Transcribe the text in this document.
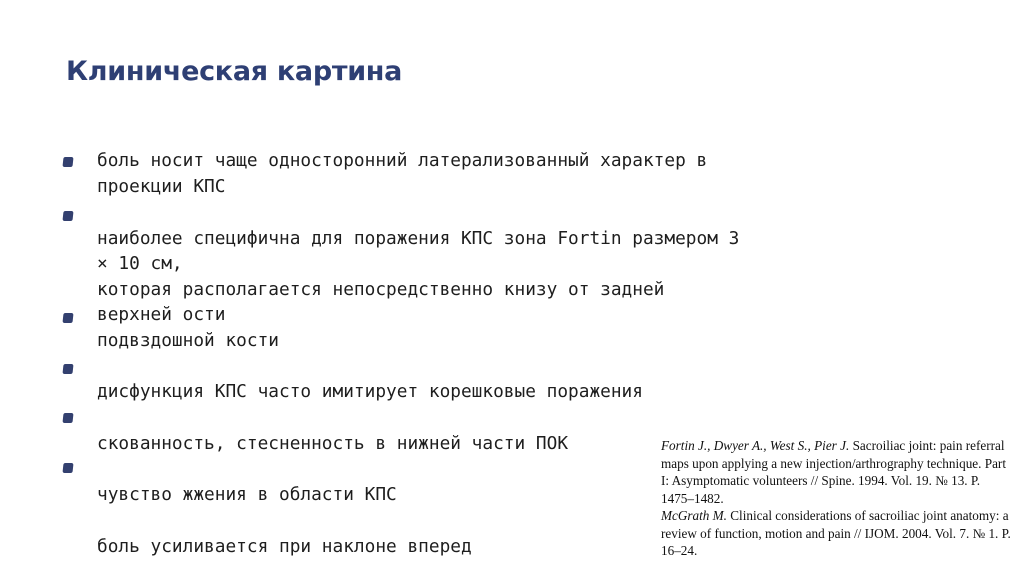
Клиническая картина
боль носит чаще односторонний латерализованный характер в
проекции КПС
наиболее специфична для поражения КПС зона Fortin размером 3
× 10 см,
которая располагается непосредственно книзу от задней
верхней ости
подвздошной кости
дисфункция КПС часто имитирует корешковые поражения
скованность, стесненность в нижней части ПОК
чувство жжения в области КПС
боль усиливается при наклоне вперед
Fortin J., Dwyer A., West S., Pier J. Sacroiliac joint: pain referral maps upon applying a new injection/arthrography technique. Part I: Asymptomatic volunteers // Spine. 1994. Vol. 19. № 13. P. 1475–1482.
McGrath M. Clinical considerations of sacroiliac joint anatomy: a review of function, motion and pain // IJOM. 2004. Vol. 7. № 1. P. 16–24.
